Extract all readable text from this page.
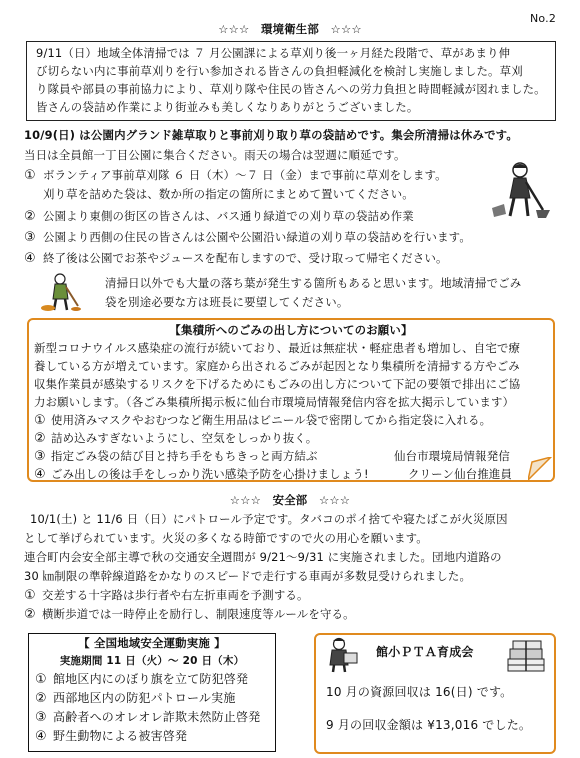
No.2
☆☆☆　環境衛生部　☆☆☆
9/11（日）地域全体清掃では ７ 月公園課による草刈り後一ヶ月経た段階で、草があまり伸
び切らない内に事前草刈りを行い参加される皆さんの負担軽減化を検討し実施しました。草刈
り隊員や部員の事前協力により、草刈り隊や住民の皆さんへの労力負担と時間軽減が図れました。
皆さんの袋詰め作業により街並みも美しくなりありがとうございました。
10/9(日) は公園内グランド雑草取りと事前刈り取り草の袋詰めです。集会所清掃は休みです。
当日は全員館一丁目公園に集合ください。雨天の場合は翌週に順延です。
① ボランティア事前草刈隊 ６ 日（木）〜７ 日（金）まで事前に草刈をします。
刈り草を詰めた袋は、数か所の指定の箇所にまとめて置いてください。
② 公園より東側の街区の皆さんは、バス通り緑道での刈り草の袋詰め作業
③ 公園より西側の住民の皆さんは公園や公園沿い緑道の刈り草の袋詰めを行います。
④ 終了後は公園でお茶やジュースを配布しますので、受け取って帰宅ください。
清掃日以外でも大量の落ち葉が発生する箇所もあると思います。地域清掃でごみ
袋を別途必要な方は班長に要望してください。
【集積所へのごみの出し方についてのお願い】
新型コロナウイルス感染症の流行が続いており、最近は無症状・軽症患者も増加し、自宅で療
養している方が増えています。家庭から出されるごみが起因となり集積所を清掃する方やごみ
収集作業員が感染するリスクを下げるためにもごみの出し方について下記の要領で排出にご協
力お願いします。（各ごみ集積所掲示板に仙台市環境局情報発信内容を拡大掲示しています）
① 使用済みマスクやおむつなど衛生用品はビニール袋で密閉してから指定袋に入れる。
② 詰め込みすぎないようにし、空気をしっかり抜く。
③ 指定ごみ袋の結び目と持ち手をもちきっと両方結ぶ
④ ごみ出しの後は手をしっかり洗い感染予防を心掛けましょう!
仙台市環境局情報発信
クリーン仙台推進員
☆☆☆　安全部　☆☆☆
10/1(土) と 11/6 日（日）にパトロール予定です。タバコのポイ捨てや寝たばこが火災原因
として挙げられています。火災の多くなる時節ですので火の用心を願います。
連合町内会安全部主導で秋の交通安全週間が 9/21〜9/31 に実施されました。団地内道路の
30 ㎞制限の準幹線道路をかなりのスピードで走行する車両が多数見受けられました。
① 交差する十字路は歩行者や右左折車両を予測する。
② 横断歩道では一時停止を励行し、制限速度等ルールを守る。
【 全国地域安全運動実施 】
実施期間 11 日（火）〜 20 日（木）
① 館地区内にのぼり旗を立て防犯啓発
② 西部地区内の防犯パトロール実施
③ 高齢者へのオレオレ詐欺未然防止啓発
④ 野生動物による被害啓発
館小ＰＴＡ育成会
10 月の資源回収は 16(日) です。
9 月の回収金額は ¥13,016 でした。
